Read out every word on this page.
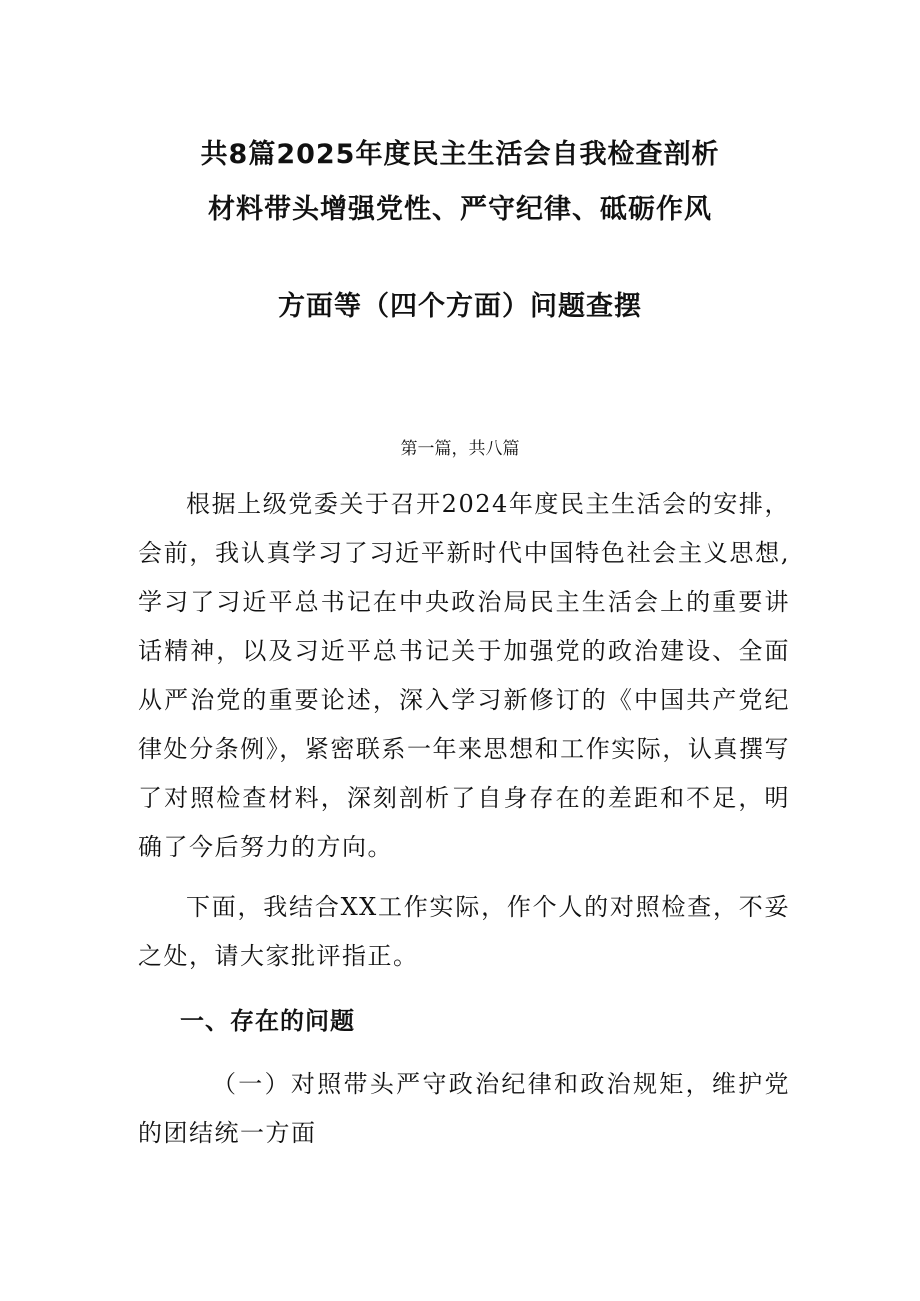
共8篇2025年度民主生活会自我检查剖析
材料带头增强党性、严守纪律、砥砺作风
方面等（四个方面）问题查摆
第一篇，共八篇

根据上级党委关于召开2024年度民主生活会的安排，会前，我认真学习了习近平新时代中国特色社会主义思想,学习了习近平总书记在中央政治局民主生活会上的重要讲话精神，以及习近平总书记关于加强党的政治建设、全面从严治党的重要论述，深入学习新修订的《中国共产党纪律处分条例》，紧密联系一年来思想和工作实际，认真撰写了对照检查材料，深刻剖析了自身存在的差距和不足，明确了今后努力的方向。

下面，我结合XX工作实际，作个人的对照检查，不妥之处，请大家批评指正。

一、存在的问题

（一）对照带头严守政治纪律和政治规矩，维护党的团结统一方面
